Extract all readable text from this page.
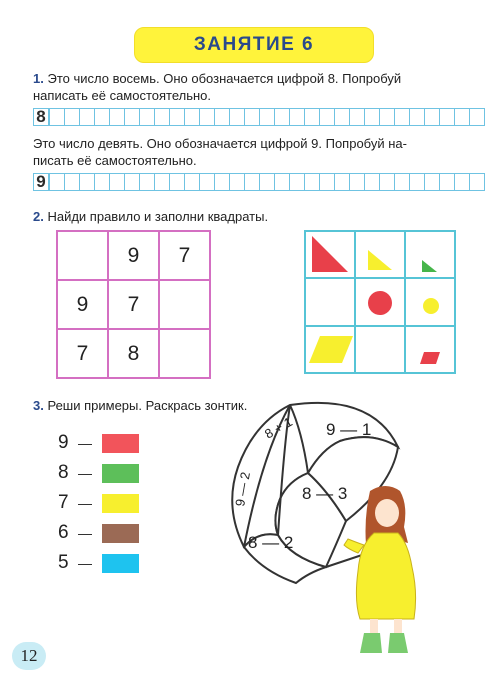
ЗАНЯТИЕ 6
1. Это число восемь. Оно обозначается цифрой 8. Попробуй
написать её самостоятельно.
8
Это число девять. Оно обозначается цифрой 9. Попробуй на-
писать её самостоятельно.
9
2. Найди правило и заполни квадраты.
	9	7
9	7	
7	8	
3. Реши примеры. Раскрась зонтик.
9 —
8 —
7 —
6 —
5 —
9 — 1
8 + 1
9 — 2	8 — 3
8 — 2
12
